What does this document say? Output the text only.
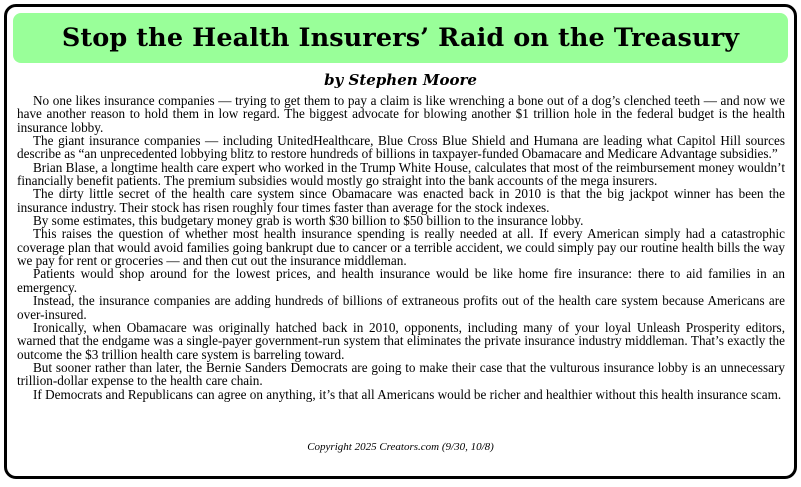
Stop the Health Insurers’ Raid on the Treasury

by Stephen Moore

No one likes insurance companies — trying to get them to pay a claim is like wrenching a bone out of a dog’s clenched teeth — and now we have another reason to hold them in low regard. The biggest advocate for blowing another $1 trillion hole in the federal budget is the health insurance lobby.

The giant insurance companies — including UnitedHealthcare, Blue Cross Blue Shield and Humana are leading what Capitol Hill sources describe as “an unprecedented lobbying blitz to restore hundreds of billions in taxpayer-funded Obamacare and Medicare Advantage subsidies.”

Brian Blase, a longtime health care expert who worked in the Trump White House, calculates that most of the reimbursement money wouldn’t financially benefit patients. The premium subsidies would mostly go straight into the bank accounts of the mega insurers.

The dirty little secret of the health care system since Obamacare was enacted back in 2010 is that the big jackpot winner has been the insurance industry. Their stock has risen roughly four times faster than average for the stock indexes.

By some estimates, this budgetary money grab is worth $30 billion to $50 billion to the insurance lobby.

This raises the question of whether most health insurance spending is really needed at all. If every American simply had a catastrophic coverage plan that would avoid families going bankrupt due to cancer or a terrible accident, we could simply pay our routine health bills the way we pay for rent or groceries — and then cut out the insurance middleman.

Patients would shop around for the lowest prices, and health insurance would be like home fire insurance: there to aid families in an emergency.

Instead, the insurance companies are adding hundreds of billions of extraneous profits out of the health care system because Americans are over-insured.

Ironically, when Obamacare was originally hatched back in 2010, opponents, including many of your loyal Unleash Prosperity editors, warned that the endgame was a single-payer government-run system that eliminates the private insurance industry middleman. That’s exactly the outcome the $3 trillion health care system is barreling toward.

But sooner rather than later, the Bernie Sanders Democrats are going to make their case that the vulturous insurance lobby is an unnecessary trillion-dollar expense to the health care chain.

If Democrats and Republicans can agree on anything, it’s that all Americans would be richer and healthier without this health insurance scam.

Copyright 2025 Creators.com (9/30, 10/8)
